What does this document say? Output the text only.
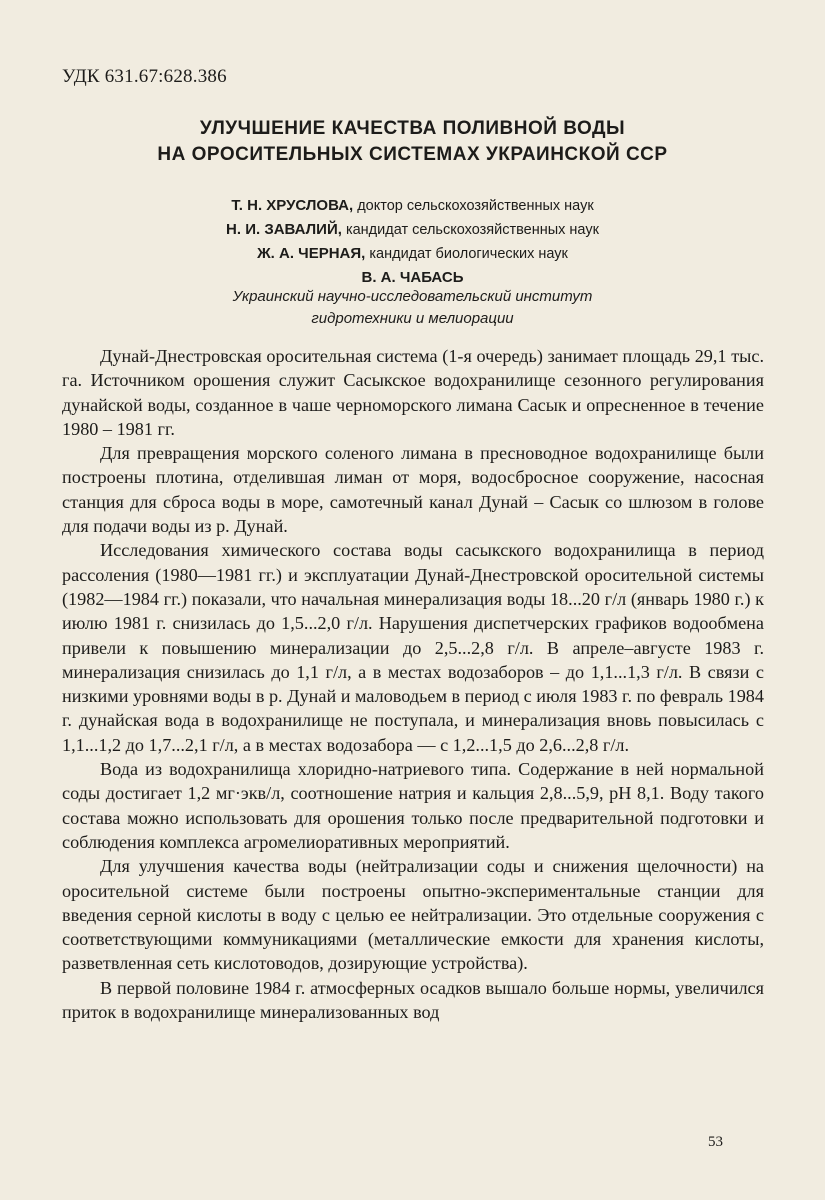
УДК 631.67:628.386
УЛУЧШЕНИЕ КАЧЕСТВА ПОЛИВНОЙ ВОДЫ
НА ОРОСИТЕЛЬНЫХ СИСТЕМАХ УКРАИНСКОЙ ССР
Т. Н. ХРУСЛОВА, доктор сельскохозяйственных наук
Н. И. ЗАВАЛИЙ, кандидат сельскохозяйственных наук
Ж. А. ЧЕРНАЯ, кандидат биологических наук
В. А. ЧАБАСЬ
Украинский научно-исследовательский институт
гидротехники и мелиорации

Дунай-Днестровская оросительная система (1-я очередь) занимает площадь 29,1 тыс. га. Источником орошения служит Сасыкское водохранилище сезонного регулирования дунайской воды, созданное в чаше черноморского лимана Сасык и опресненное в течение 1980 – 1981 гг.

Для превращения морского соленого лимана в пресноводное водохранилище были построены плотина, отделившая лиман от моря, водосбросное сооружение, насосная станция для сброса воды в море, самотечный канал Дунай – Сасык со шлюзом в голове для подачи воды из р. Дунай.

Исследования химического состава воды сасыкского водохранилища в период рассоления (1980—1981 гг.) и эксплуатации Дунай-Днестровской оросительной системы (1982—1984 гг.) показали, что начальная минерализация воды 18...20 г/л (январь 1980 г.) к июлю 1981 г. снизилась до 1,5...2,0 г/л. Нарушения диспетчерских графиков водообмена привели к повышению минерализации до 2,5...2,8 г/л. В апреле–августе 1983 г. минерализация снизилась до 1,1 г/л, а в местах водозаборов – до 1,1...1,3 г/л. В связи с низкими уровнями воды в р. Дунай и маловодьем в период с июля 1983 г. по февраль 1984 г. дунайская вода в водохранилище не поступала, и минерализация вновь повысилась с 1,1...1,2 до 1,7...2,1 г/л, а в местах водозабора — с 1,2...1,5 до 2,6...2,8 г/л.

Вода из водохранилища хлоридно-натриевого типа. Содержание в ней нормальной соды достигает 1,2 мг·экв/л, соотношение натрия и кальция 2,8...5,9, pH 8,1. Воду такого состава можно использовать для орошения только после предварительной подготовки и соблюдения комплекса агромелиоративных мероприятий.

Для улучшения качества воды (нейтрализации соды и снижения щелочности) на оросительной системе были построены опытно-экспериментальные станции для введения серной кислоты в воду с целью ее нейтрализации. Это отдельные сооружения с соответствующими коммуникациями (металлические емкости для хранения кислоты, разветвленная сеть кислотоводов, дозирующие устройства).

В первой половине 1984 г. атмосферных осадков вышало больше нормы, увеличился приток в водохранилище минерализованных вод

53
